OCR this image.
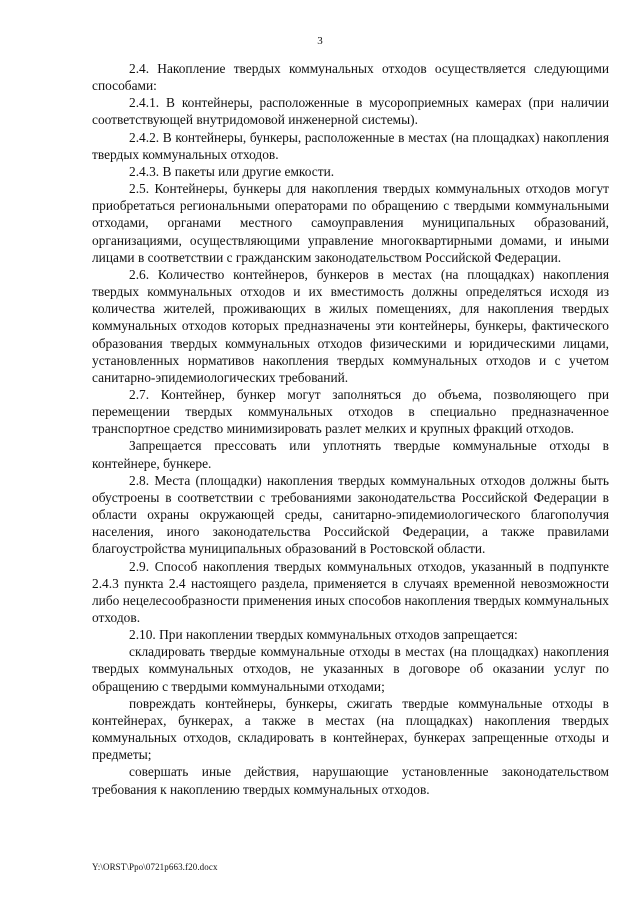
3

2.4. Накопление твердых коммунальных отходов осуществляется следующими способами:

2.4.1. В контейнеры, расположенные в мусороприемных камерах (при наличии соответствующей внутридомовой инженерной системы).

2.4.2. В контейнеры, бункеры, расположенные в местах (на площадках) накопления твердых коммунальных отходов.

2.4.3. В пакеты или другие емкости.

2.5. Контейнеры, бункеры для накопления твердых коммунальных отходов могут приобретаться региональными операторами по обращению с твердыми коммунальными отходами, органами местного самоуправления муниципальных образований, организациями, осуществляющими управление многоквартирными домами, и иными лицами в соответствии с гражданским законодательством Российской Федерации.

2.6. Количество контейнеров, бункеров в местах (на площадках) накопления твердых коммунальных отходов и их вместимость должны определяться исходя из количества жителей, проживающих в жилых помещениях, для накопления твердых коммунальных отходов которых предназначены эти контейнеры, бункеры, фактического образования твердых коммунальных отходов физическими и юридическими лицами, установленных нормативов накопления твердых коммунальных отходов и с учетом санитарно-эпидемиологических требований.

2.7. Контейнер, бункер могут заполняться до объема, позволяющего при перемещении твердых коммунальных отходов в специально предназначенное транспортное средство минимизировать разлет мелких и крупных фракций отходов.

Запрещается прессовать или уплотнять твердые коммунальные отходы в контейнере, бункере.

2.8. Места (площадки) накопления твердых коммунальных отходов должны быть обустроены в соответствии с требованиями законодательства Российской Федерации в области охраны окружающей среды, санитарно-эпидемиологического благополучия населения, иного законодательства Российской Федерации, а также правилами благоустройства муниципальных образований в Ростовской области.

2.9. Способ накопления твердых коммунальных отходов, указанный в подпункте 2.4.3 пункта 2.4 настоящего раздела, применяется в случаях временной невозможности либо нецелесообразности применения иных способов накопления твердых коммунальных отходов.

2.10. При накоплении твердых коммунальных отходов запрещается:

складировать твердые коммунальные отходы в местах (на площадках) накопления твердых коммунальных отходов, не указанных в договоре об оказании услуг по обращению с твердыми коммунальными отходами;

повреждать контейнеры, бункеры, сжигать твердые коммунальные отходы в контейнерах, бункерах, а также в местах (на площадках) накопления твердых коммунальных отходов, складировать в контейнерах, бункерах запрещенные отходы и предметы;

совершать иные действия, нарушающие установленные законодательством требования к накоплению твердых коммунальных отходов.

Y:\ORST\Ppo\0721p663.f20.docx
